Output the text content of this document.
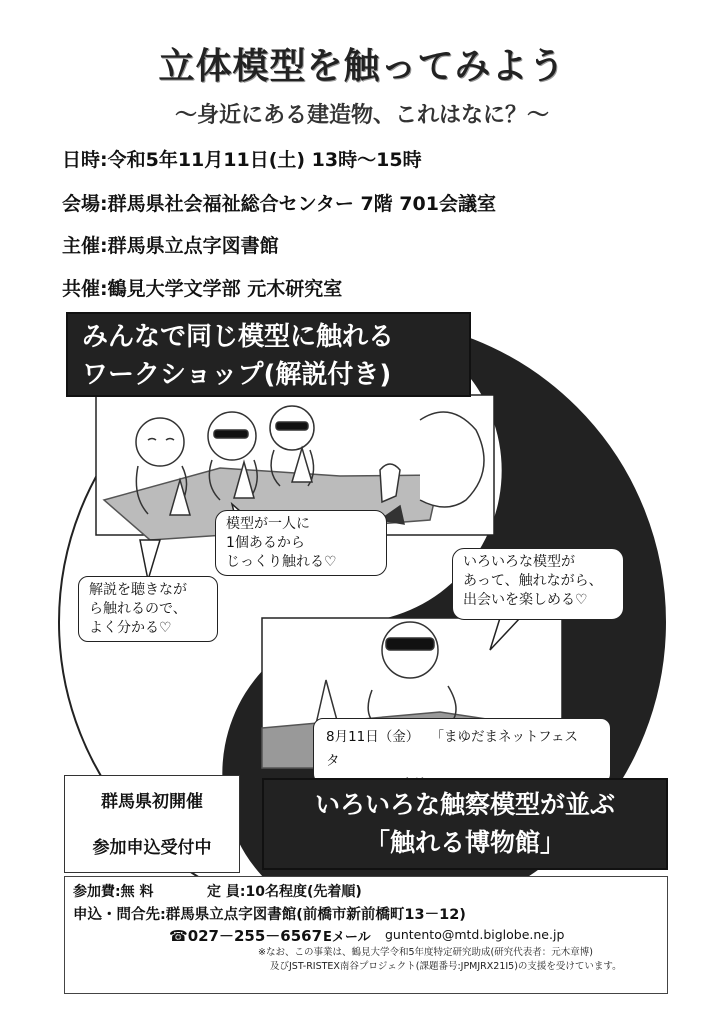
立体模型を触ってみよう
～身近にある建造物、これはなに？～
日時:令和5年11月11日(土) 13時～15時
会場:群馬県社会福祉総合センター 7階 701会議室
主催:群馬県立点字図書館
共催:鶴見大学文学部 元木研究室
みんなで同じ模型に触れる
ワークショップ(解説付き)
模型が一人に
1個あるから
じっくり触れる♡
解説を聴きなが
ら触れるので、
よく分かる♡
いろいろな模型が
あって、触れながら、
出会いを楽しめる♡
8月11日（金） 「まゆだまネットフェスタ
群馬県初開催
参加申込受付中
いろいろな触察模型が並ぶ
「触れる博物館」
参加費:無 料	定 員:10名程度(先着順)
申込・問合先:群馬県立点字図書館(前橋市新前橋町13－12)
☎027－255－6567 Eメール guntento@mtd.biglobe.ne.jp
※なお、この事業は、鶴見大学令和5年度特定研究助成(研究代表者：元木章博)
及びJST-RISTEX南谷プロジェクト(課題番号:JPMJRX21I5)の支援を受けています。
